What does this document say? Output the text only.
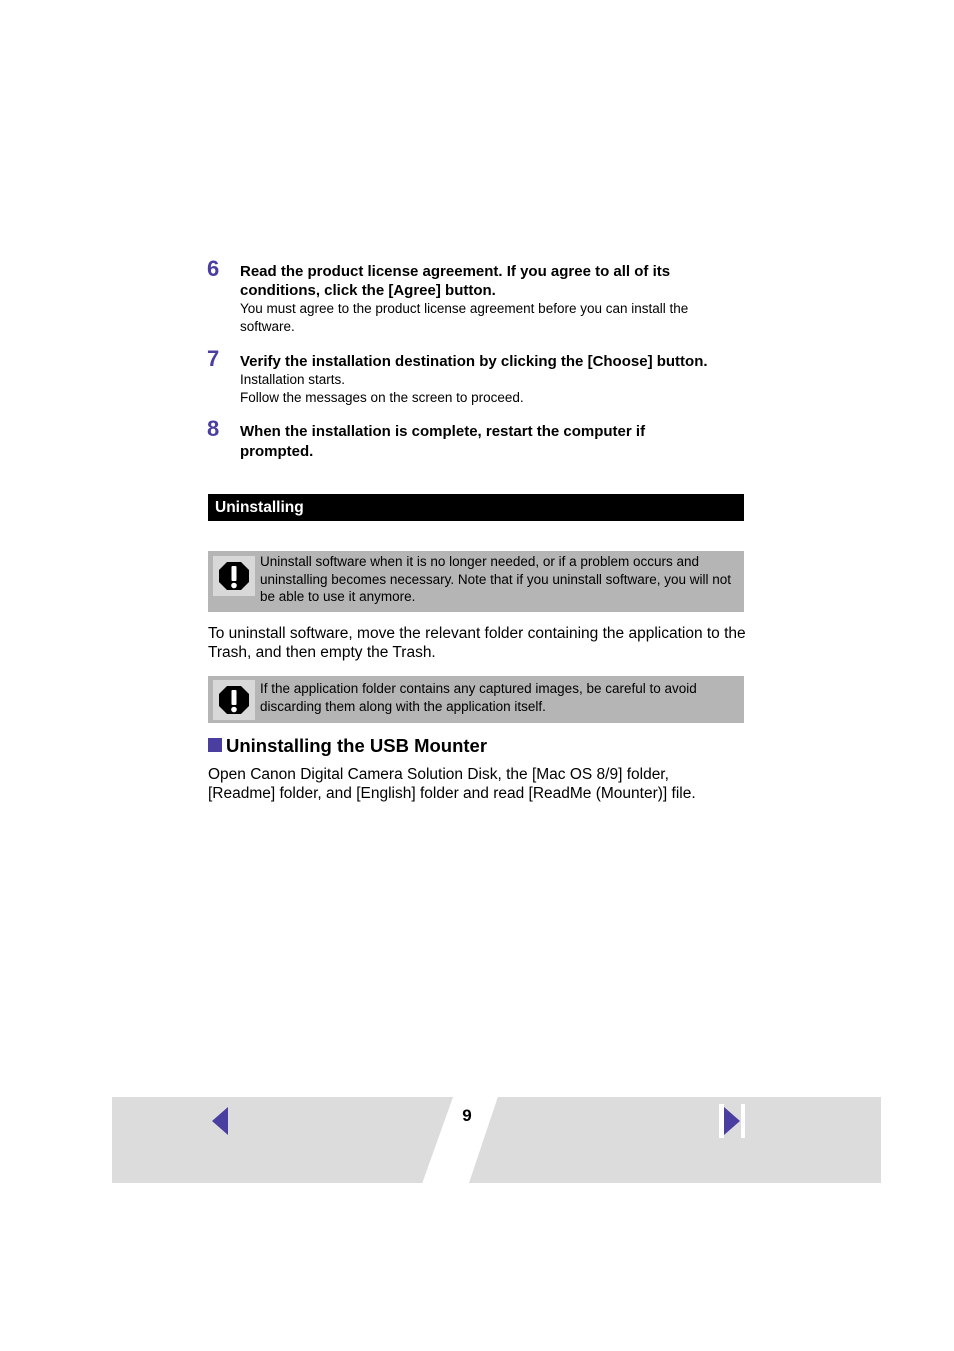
6	Read the product license agreement. If you agree to all of its conditions, click the [Agree] button.
You must agree to the product license agreement before you can install the software.
7	Verify the installation destination by clicking the [Choose] button.
Installation starts.
Follow the messages on the screen to proceed.
8	When the installation is complete, restart the computer if prompted.
Uninstalling
Uninstall software when it is no longer needed, or if a problem occurs and uninstalling becomes necessary. Note that if you uninstall software, you will not be able to use it anymore.
To uninstall software, move the relevant folder containing the application to the Trash, and then empty the Trash.
If the application folder contains any captured images, be careful to avoid discarding them along with the application itself.
Uninstalling the USB Mounter
Open Canon Digital Camera Solution Disk, the [Mac OS 8/9] folder, [Readme] folder, and [English] folder and read [ReadMe (Mounter)] file.
9
